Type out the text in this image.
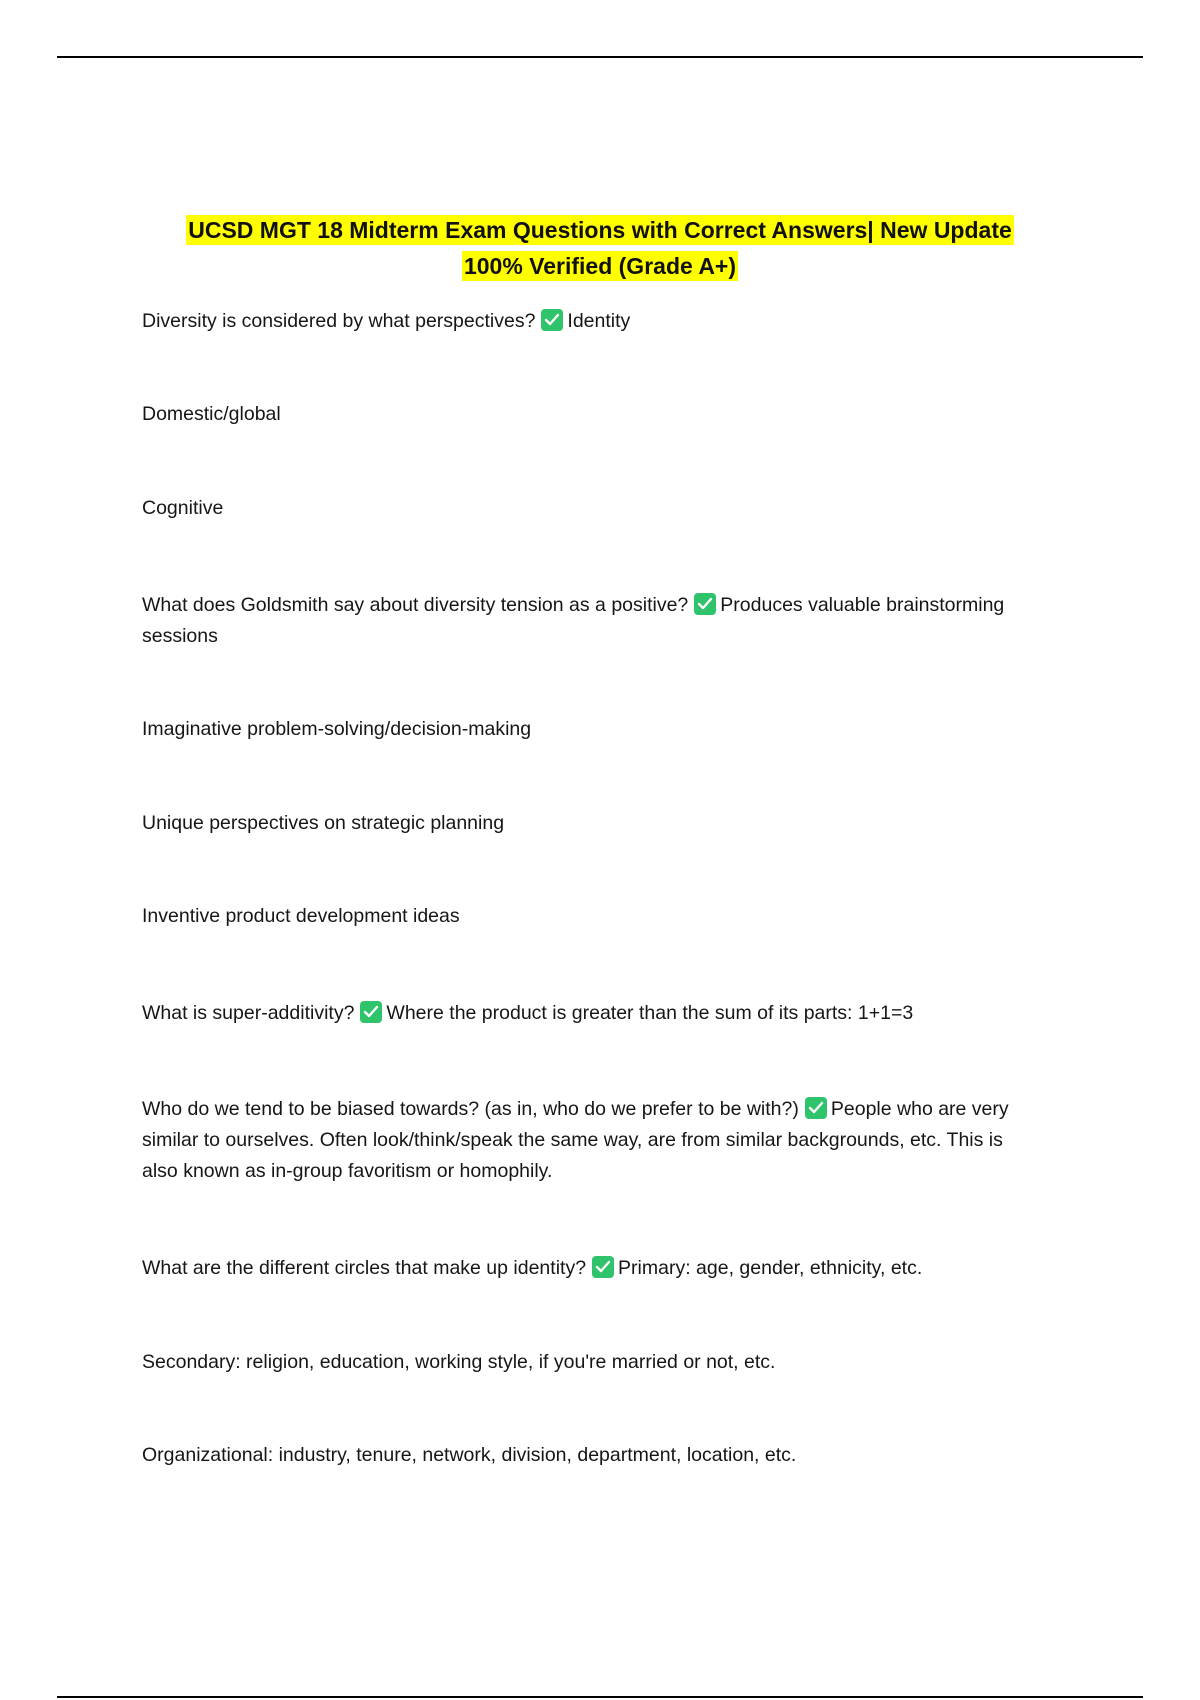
UCSD MGT 18 Midterm Exam Questions with Correct Answers| New Update
100% Verified (Grade A+)
Diversity is considered by what perspectives? Identity
Domestic/global
Cognitive
What does Goldsmith say about diversity tension as a positive? Produces valuable brainstorming sessions
Imaginative problem-solving/decision-making
Unique perspectives on strategic planning
Inventive product development ideas
What is super-additivity? Where the product is greater than the sum of its parts: 1+1=3
Who do we tend to be biased towards? (as in, who do we prefer to be with?) People who are very similar to ourselves. Often look/think/speak the same way, are from similar backgrounds, etc. This is also known as in-group favoritism or homophily.
What are the different circles that make up identity? Primary: age, gender, ethnicity, etc.
Secondary: religion, education, working style, if you're married or not, etc.
Organizational: industry, tenure, network, division, department, location, etc.
